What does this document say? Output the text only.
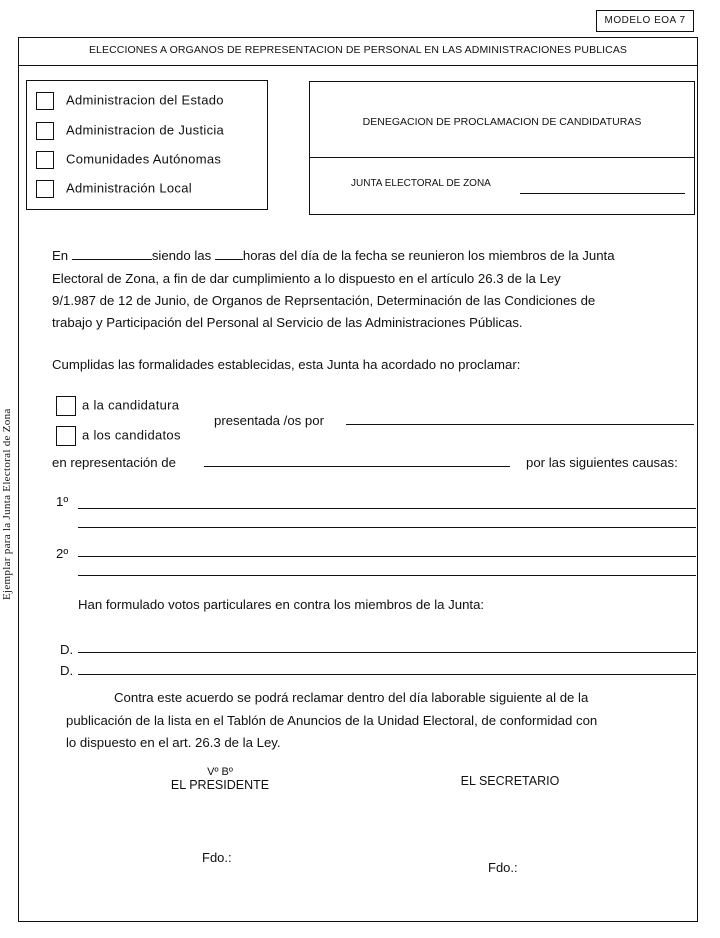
MODELO EOA 7
ELECCIONES A ORGANOS DE REPRESENTACION DE PERSONAL EN LAS ADMINISTRACIONES PUBLICAS
Administracion del Estado
Administracion de Justicia
Comunidades Autónomas
Administración Local
DENEGACION DE PROCLAMACION DE CANDIDATURAS
JUNTA ELECTORAL DE ZONA
En	siendo las horas del día de la fecha se reunieron los miembros de la Junta
Electoral de Zona, a fin de dar cumplimiento a lo dispuesto en el artículo 26.3 de la Ley
9/1.987 de 12 de Junio, de Organos de Reprsentación, Determinación de las Condiciones de
trabajo y Participación del Personal al Servicio de las Administraciones Públicas.
Cumplidas las formalidades establecidas, esta Junta ha acordado no proclamar:
a la candidatura
a los candidatos
presentada /os por
en representación de	por las siguientes causas:
1º
2º
Han formulado votos particulares en contra los miembros de la Junta:
D.
D.
Contra este acuerdo se podrá reclamar dentro del día laborable siguiente al de la
publicación de la lista en el Tablón de Anuncios de la Unidad Electoral, de conformidad con
lo dispuesto en el art. 26.3 de la Ley.
Vº Bº
EL PRESIDENTE	EL SECRETARIO
Fdo.:
Fdo.:
Ejemplar para la Junta Electoral de Zona
